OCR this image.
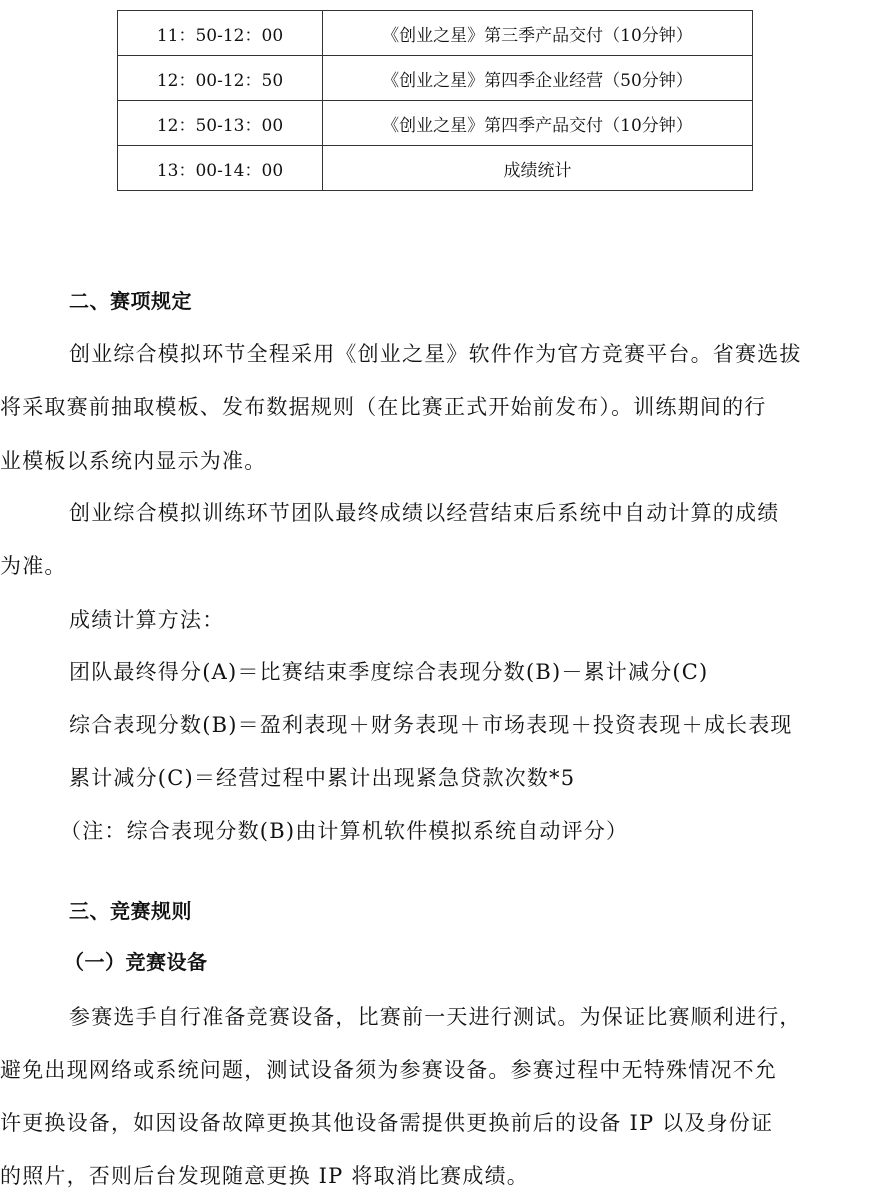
11：50-12：00	《创业之星》第三季产品交付（10分钟）
12：00-12：50	《创业之星》第四季企业经营（50分钟）
12：50-13：00	《创业之星》第四季产品交付（10分钟）
13：00-14：00	成绩统计

二、赛项规定

创业综合模拟环节全程采用《创业之星》软件作为官方竞赛平台。省赛选拔

将采取赛前抽取模板、发布数据规则（在比赛正式开始前发布）。训练期间的行

业模板以系统内显示为准。

创业综合模拟训练环节团队最终成绩以经营结束后系统中自动计算的成绩

为准。

成绩计算方法：

团队最终得分(A)＝比赛结束季度综合表现分数(B)－累计减分(C)

综合表现分数(B)＝盈利表现＋财务表现＋市场表现＋投资表现＋成长表现

累计减分(C)＝经营过程中累计出现紧急贷款次数*5

（注：综合表现分数(B)由计算机软件模拟系统自动评分）

三、竞赛规则

（一）竞赛设备

参赛选手自行准备竞赛设备，比赛前一天进行测试。为保证比赛顺利进行，

避免出现网络或系统问题，测试设备须为参赛设备。参赛过程中无特殊情况不允

许更换设备，如因设备故障更换其他设备需提供更换前后的设备 IP 以及身份证

的照片，否则后台发现随意更换 IP 将取消比赛成绩。
